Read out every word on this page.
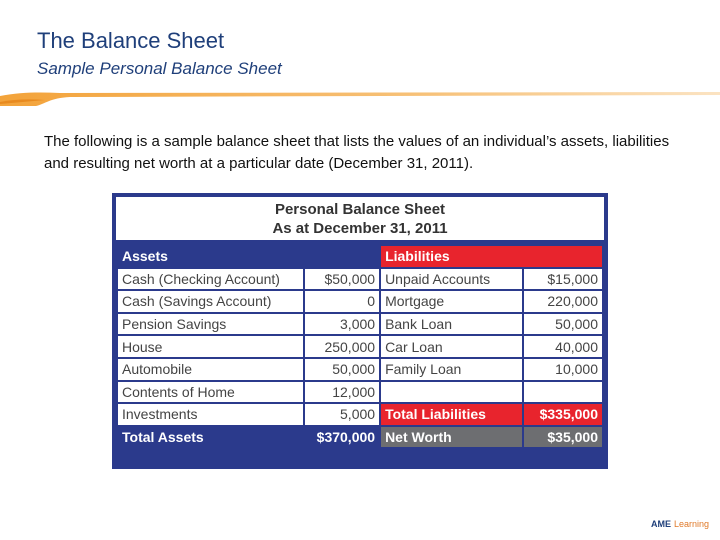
The Balance Sheet
Sample Personal Balance Sheet
The following is a sample balance sheet that lists the values of an individual’s assets, liabilities and resulting net worth at a particular date (December 31, 2011).
Personal Balance Sheet
As at December 31, 2011
Assets		Liabilities	
Cash (Checking Account)	$50,000	Unpaid Accounts	$15,000
Cash (Savings Account)	0	Mortgage	220,000
Pension Savings	3,000	Bank Loan	50,000
House	250,000	Car Loan	40,000
Automobile	50,000	Family Loan	10,000
Contents of Home	12,000		
Investments	5,000	Total Liabilities	$335,000
Total Assets	$370,000	Net Worth	$35,000
AME Learning
